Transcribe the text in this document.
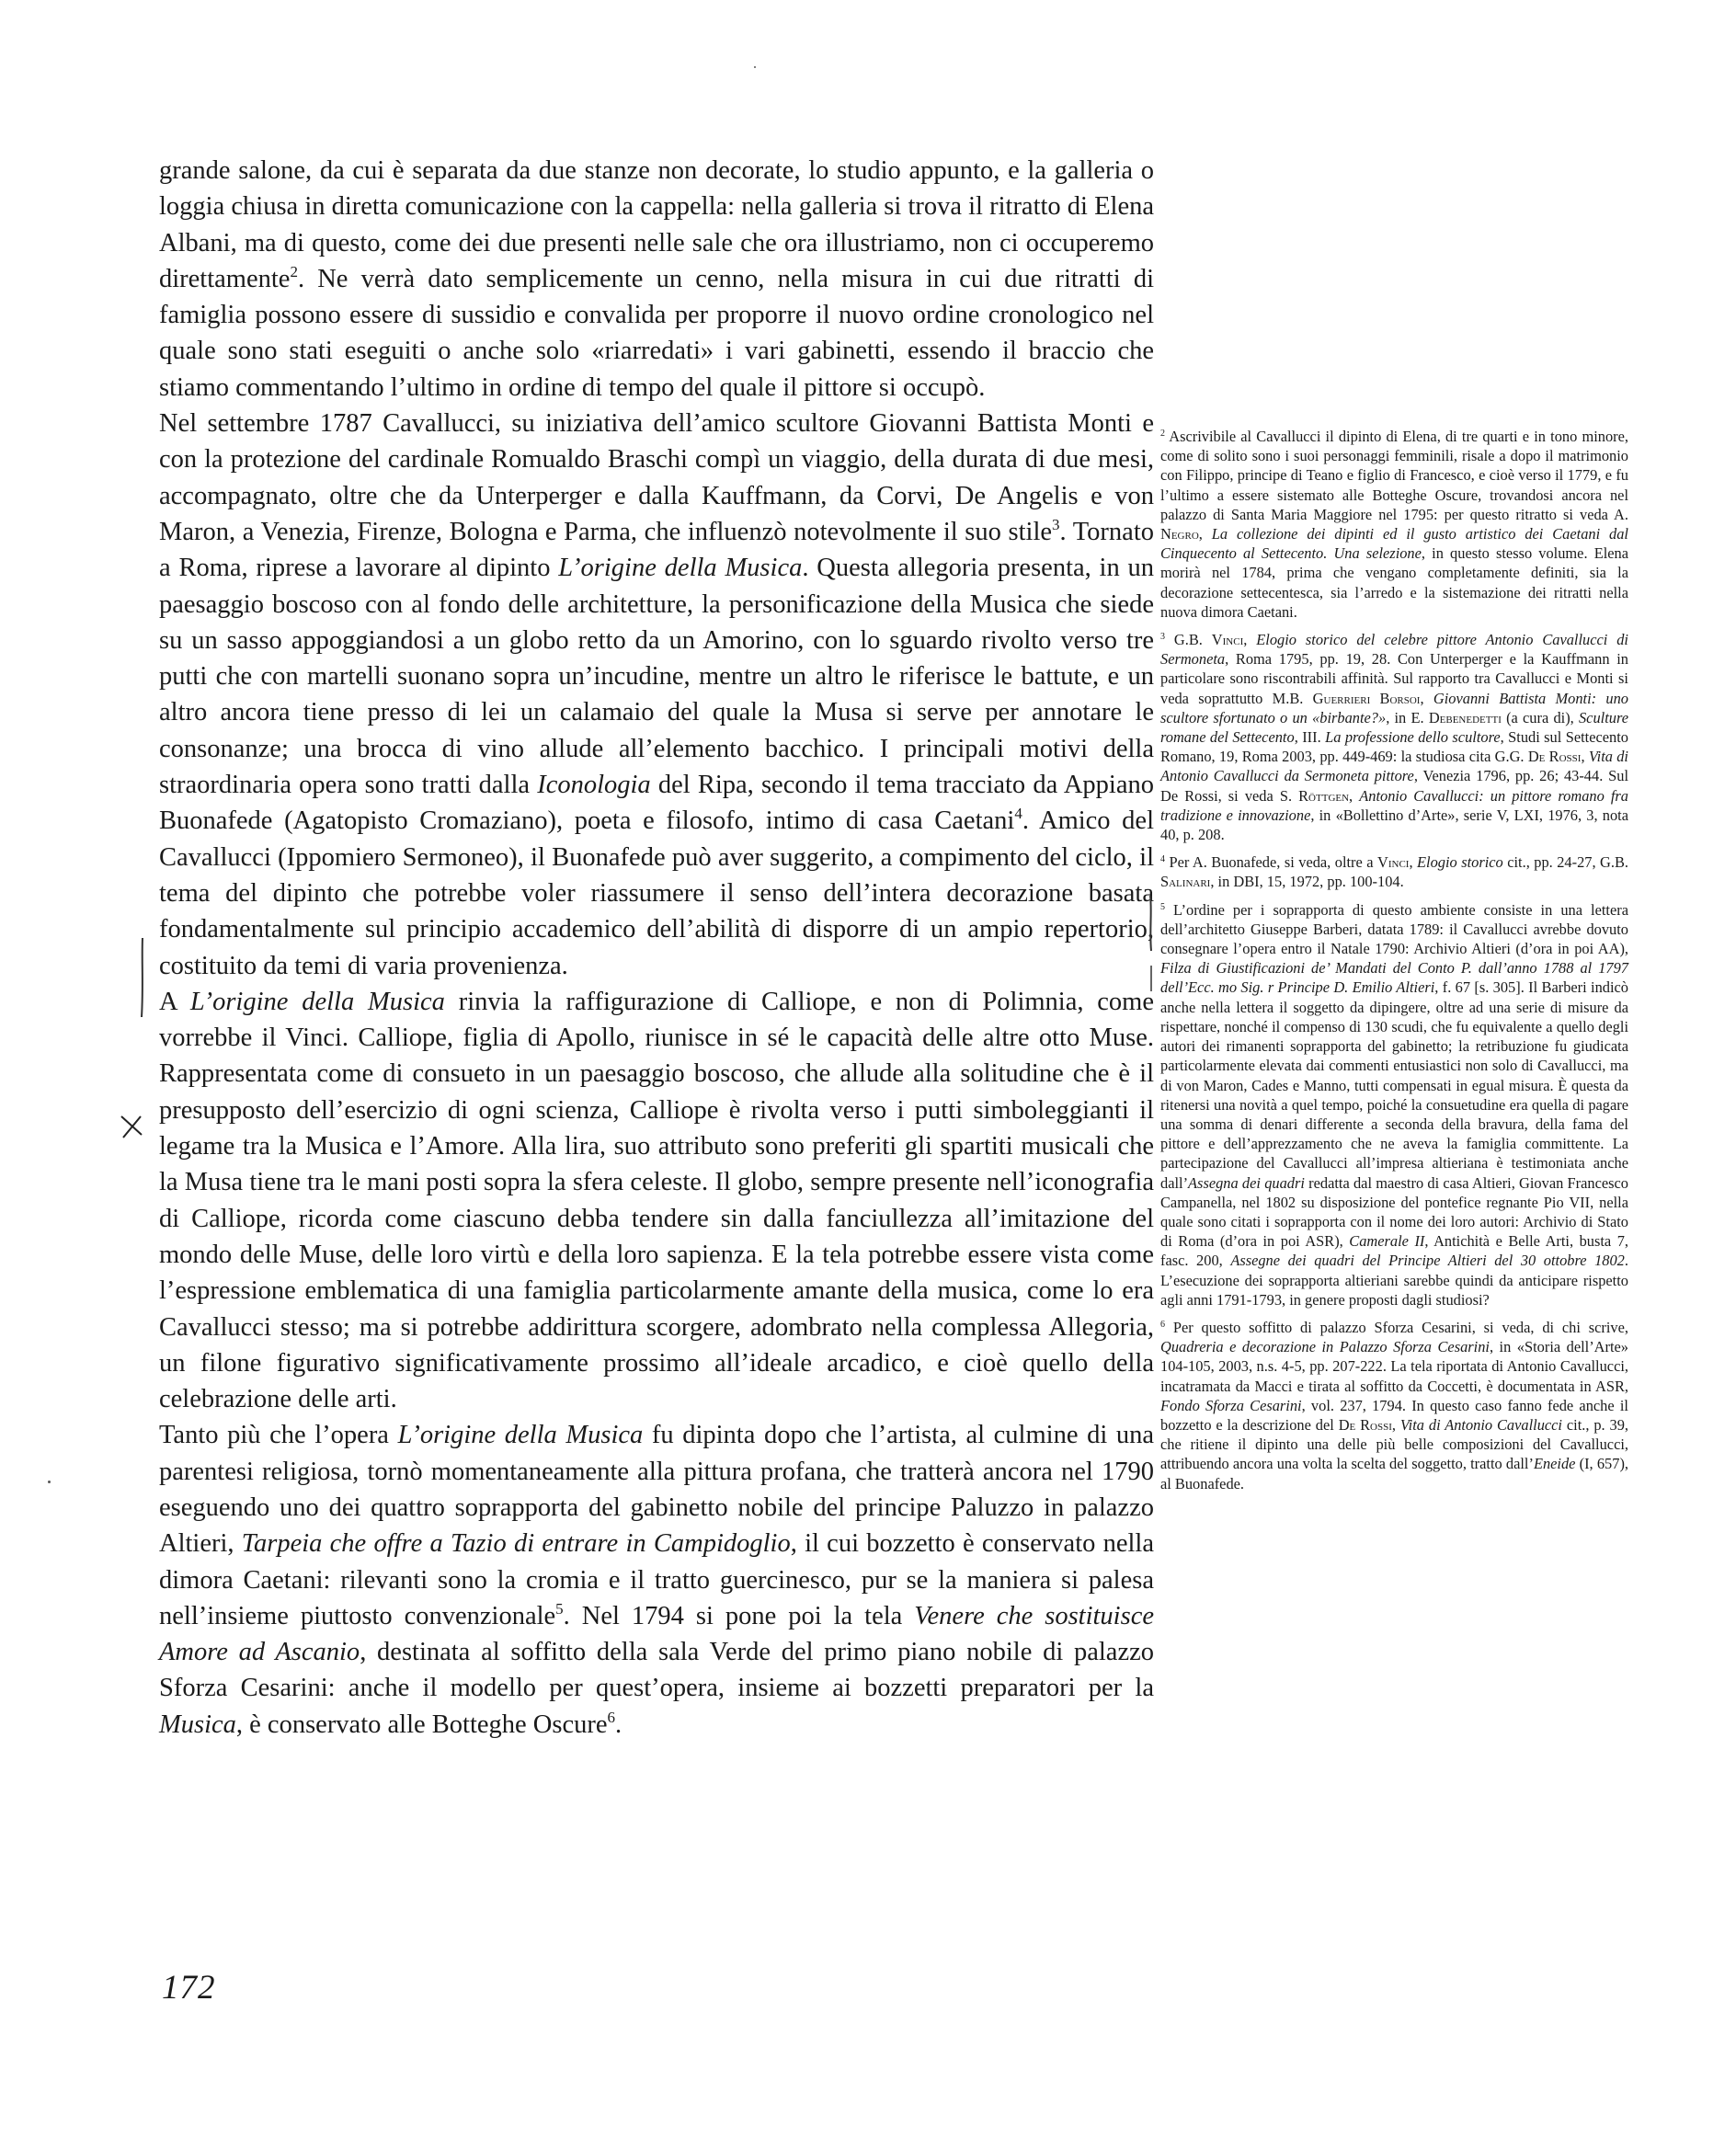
grande salone, da cui è separata da due stanze non decorate, lo studio appunto, e la galleria o loggia chiusa in diretta comunicazione con la cappella: nella galleria si trova il ritratto di Elena Albani, ma di questo, come dei due presenti nelle sale che ora illustriamo, non ci occuperemo direttamente$^2$. Ne verrà dato semplicemente un cenno, nella misura in cui due ritratti di famiglia possono essere di sussidio e convalida per proporre il nuovo ordine cronologico nel quale sono stati eseguiti o anche solo «riarredati» i vari gabinetti, essendo il braccio che stiamo commentando l’ultimo in ordine di tempo del quale il pittore si occupò.

Nel settembre 1787 Cavallucci, su iniziativa dell’amico scultore Giovanni Battista Monti e con la protezione del cardinale Romualdo Braschi compì un viaggio, della durata di due mesi, accompagnato, oltre che da Unterperger e dalla Kauffmann, da Corvi, De Angelis e von Maron, a Venezia, Firenze, Bologna e Parma, che influenzò notevolmente il suo stile$^3$. Tornato a Roma, riprese a lavorare al dipinto L’origine della Musica. Questa allegoria presenta, in un paesaggio boscoso con al fondo delle architetture, la personificazione della Musica che siede su un sasso appoggiandosi a un globo retto da un Amorino, con lo sguardo rivolto verso tre putti che con martelli suonano sopra un’incudine, mentre un altro le riferisce le battute, e un altro ancora tiene presso di lei un calamaio del quale la Musa si serve per annotare le consonanze; una brocca di vino allude all’elemento bacchico. I principali motivi della straordinaria opera sono tratti dalla Iconologia del Ripa, secondo il tema tracciato da Appiano Buonafede (Agatopisto Cromaziano), poeta e filosofo, intimo di casa Caetani$^4$. Amico del Cavallucci (Ippomiero Sermoneo), il Buonafede può aver suggerito, a compimento del ciclo, il tema del dipinto che potrebbe voler riassumere il senso dell’intera decorazione basata fondamentalmente sul principio accademico dell’abilità di disporre di un ampio repertorio, costituito da temi di varia provenienza.

A L’origine della Musica rinvia la raffigurazione di Calliope, e non di Polimnia, come vorrebbe il Vinci. Calliope, figlia di Apollo, riunisce in sé le capacità delle altre otto Muse. Rappresentata come di consueto in un paesaggio boscoso, che allude alla solitudine che è il presupposto dell’esercizio di ogni scienza, Calliope è rivolta verso i putti simboleggianti il legame tra la Musica e l’Amore. Alla lira, suo attributo sono preferiti gli spartiti musicali che la Musa tiene tra le mani posti sopra la sfera celeste. Il globo, sempre presente nell’iconografia di Calliope, ricorda come ciascuno debba tendere sin dalla fanciullezza all’imitazione del mondo delle Muse, delle loro virtù e della loro sapienza. E la tela potrebbe essere vista come l’espressione emblematica di una famiglia particolarmente amante della musica, come lo era Cavallucci stesso; ma si potrebbe addirittura scorgere, adombrato nella complessa Allegoria, un filone figurativo significativamente prossimo all’ideale arcadico, e cioè quello della celebrazione delle arti.

Tanto più che l’opera L’origine della Musica fu dipinta dopo che l’artista, al culmine di una parentesi religiosa, tornò momentaneamente alla pittura profana, che tratterà ancora nel 1790 eseguendo uno dei quattro soprapporta del gabinetto nobile del principe Paluzzo in palazzo Altieri, Tarpeia che offre a Tazio di entrare in Campidoglio, il cui bozzetto è conservato nella dimora Caetani: rilevanti sono la cromia e il tratto guercinesco, pur se la maniera si palesa nell’insieme piuttosto convenzionale$^5$. Nel 1794 si pone poi la tela Venere che sostituisce Amore ad Ascanio, destinata al soffitto della sala Verde del primo piano nobile di palazzo Sforza Cesarini: anche il modello per quest’opera, insieme ai bozzetti preparatori per la Musica, è conservato alle Botteghe Oscure$^6$.

$^2$ Ascrivibile al Cavallucci il dipinto di Elena, di tre quarti e in tono minore, come di solito sono i suoi personaggi femminili, risale a dopo il matrimonio con Filippo, principe di Teano e figlio di Francesco, e cioè verso il 1779, e fu l’ultimo a essere sistemato alle Botteghe Oscure, trovandosi ancora nel palazzo di Santa Maria Maggiore nel 1795: per questo ritratto si veda A. Negro, La collezione dei dipinti ed il gusto artistico dei Caetani dal Cinquecento al Settecento. Una selezione, in questo stesso volume. Elena morirà nel 1784, prima che vengano completamente definiti, sia la decorazione settecentesca, sia l’arredo e la sistemazione dei ritratti nella nuova dimora Caetani.

$^3$ G.B. Vinci, Elogio storico del celebre pittore Antonio Cavallucci di Sermoneta, Roma 1795, pp. 19, 28. Con Unterperger e la Kauffmann in particolare sono riscontrabili affinità. Sul rapporto tra Cavallucci e Monti si veda soprattutto M.B. Guerrieri Borsoi, Giovanni Battista Monti: uno scultore sfortunato o un «birbante?», in E. Debenedetti (a cura di), Sculture romane del Settecento, III. La professione dello scultore, Studi sul Settecento Romano, 19, Roma 2003, pp. 449-469: la studiosa cita G.G. De Rossi, Vita di Antonio Cavallucci da Sermoneta pittore, Venezia 1796, pp. 26; 43-44. Sul De Rossi, si veda S. Röttgen, Antonio Cavallucci: un pittore romano fra tradizione e innovazione, in «Bollettino d’Arte», serie V, LXI, 1976, 3, nota 40, p. 208.

$^4$ Per A. Buonafede, si veda, oltre a Vinci, Elogio storico cit., pp. 24-27, G.B. Salinari, in DBI, 15, 1972, pp. 100-104.

$^5$ L’ordine per i soprapporta di questo ambiente consiste in una lettera dell’architetto Giuseppe Barberi, datata 1789: il Cavallucci avrebbe dovuto consegnare l’opera entro il Natale 1790: Archivio Altieri (d’ora in poi AA), Filza di Giustificazioni de’ Mandati del Conto P. dall’anno 1788 al 1797 dell’Ecc. mo Sig. r Principe D. Emilio Altieri, f. 67 [s. 305]. Il Barberi indicò anche nella lettera il soggetto da dipingere, oltre ad una serie di misure da rispettare, nonché il compenso di 130 scudi, che fu equivalente a quello degli autori dei rimanenti soprapporta del gabinetto; la retribuzione fu giudicata particolarmente elevata dai commenti entusiastici non solo di Cavallucci, ma di von Maron, Cades e Manno, tutti compensati in egual misura. È questa da ritenersi una novità a quel tempo, poiché la consuetudine era quella di pagare una somma di denari differente a seconda della bravura, della fama del pittore e dell’apprezzamento che ne aveva la famiglia committente. La partecipazione del Cavallucci all’impresa altieriana è testimoniata anche dall’Assegna dei quadri redatta dal maestro di casa Altieri, Giovan Francesco Campanella, nel 1802 su disposizione del pontefice regnante Pio VII, nella quale sono citati i soprapporta con il nome dei loro autori: Archivio di Stato di Roma (d’ora in poi ASR), Camerale II, Antichità e Belle Arti, busta 7, fasc. 200, Assegne dei quadri del Principe Altieri del 30 ottobre 1802. L’esecuzione dei soprapporta altieriani sarebbe quindi da anticipare rispetto agli anni 1791-1793, in genere proposti dagli studiosi?

$^6$ Per questo soffitto di palazzo Sforza Cesarini, si veda, di chi scrive, Quadreria e decorazione in Palazzo Sforza Cesarini, in «Storia dell’Arte» 104-105, 2003, n.s. 4-5, pp. 207-222. La tela riportata di Antonio Cavallucci, incatramata da Macci e tirata al soffitto da Coccetti, è documentata in ASR, Fondo Sforza Cesarini, vol. 237, 1794. In questo caso fanno fede anche il bozzetto e la descrizione del De Rossi, Vita di Antonio Cavallucci cit., p. 39, che ritiene il dipinto una delle più belle composizioni del Cavallucci, attribuendo ancora una volta la scelta del soggetto, tratto dall’Eneide (I, 657), al Buonafede.

172
